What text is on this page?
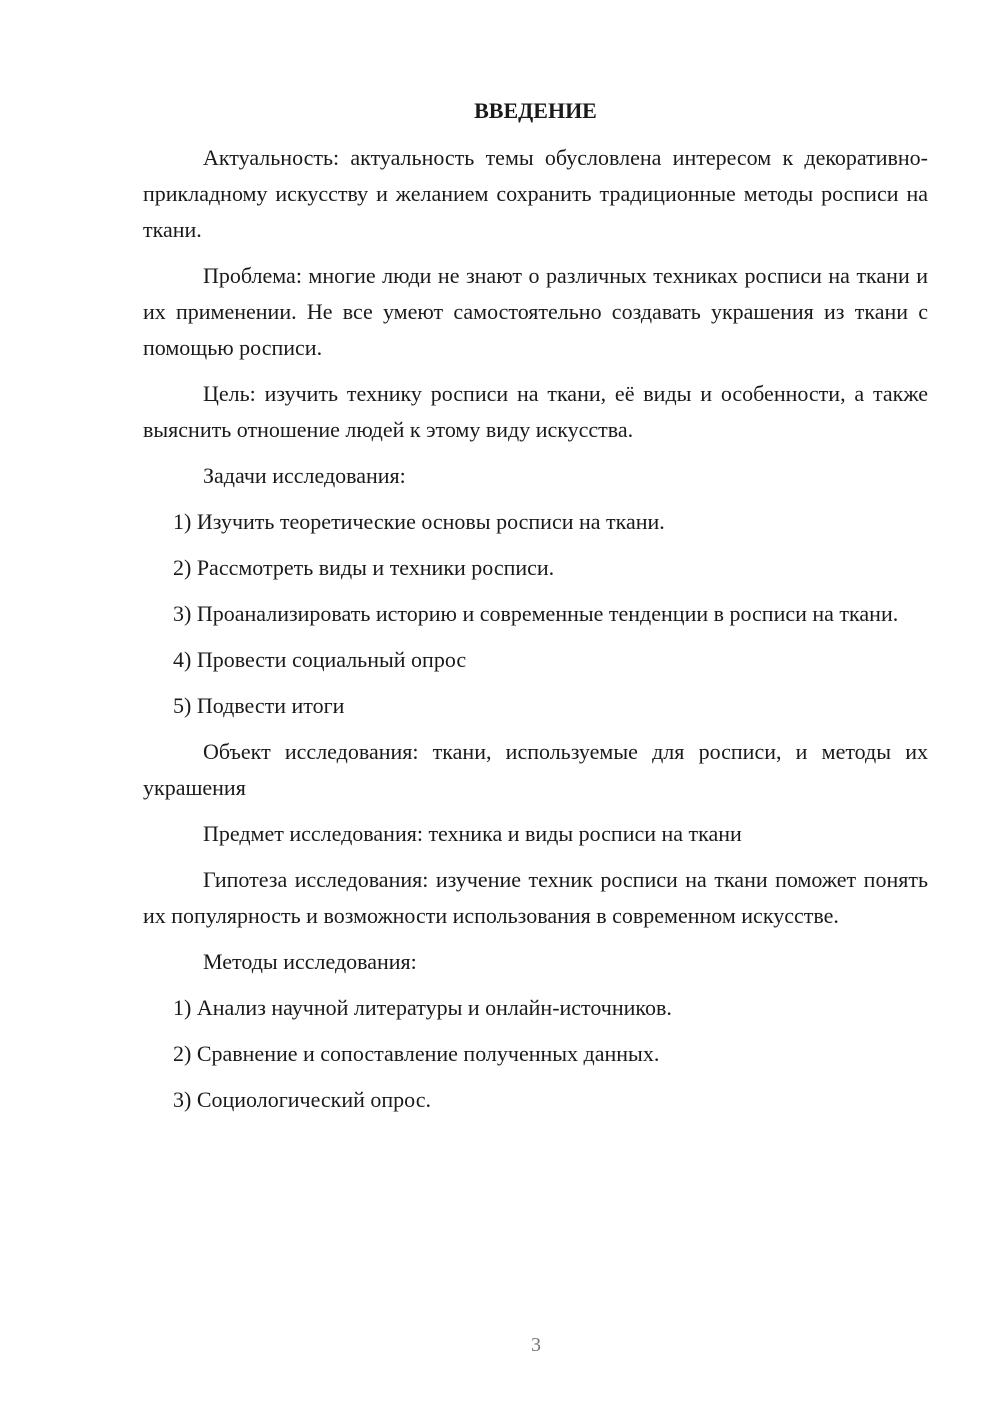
ВВЕДЕНИЕ

Актуальность: актуальность темы обусловлена интересом к декоративно-прикладному искусству и желанием сохранить традиционные методы росписи на ткани.

Проблема: многие люди не знают о различных техниках росписи на ткани и их применении. Не все умеют самостоятельно создавать украшения из ткани с помощью росписи.

Цель: изучить технику росписи на ткани, её виды и особенности, а также выяснить отношение людей к этому виду искусства.

Задачи исследования:

1) Изучить теоретические основы росписи на ткани.

2) Рассмотреть виды и техники росписи.

3) Проанализировать историю и современные тенденции в росписи на ткани.

4) Провести социальный опрос

5) Подвести итоги

Объект исследования: ткани, используемые для росписи, и методы их украшения

Предмет исследования: техника и виды росписи на ткани

Гипотеза исследования: изучение техник росписи на ткани поможет понять их популярность и возможности использования в современном искусстве.

Методы исследования:

1) Анализ научной литературы и онлайн-источников.

2) Сравнение и сопоставление полученных данных.

3) Социологический опрос.

3
